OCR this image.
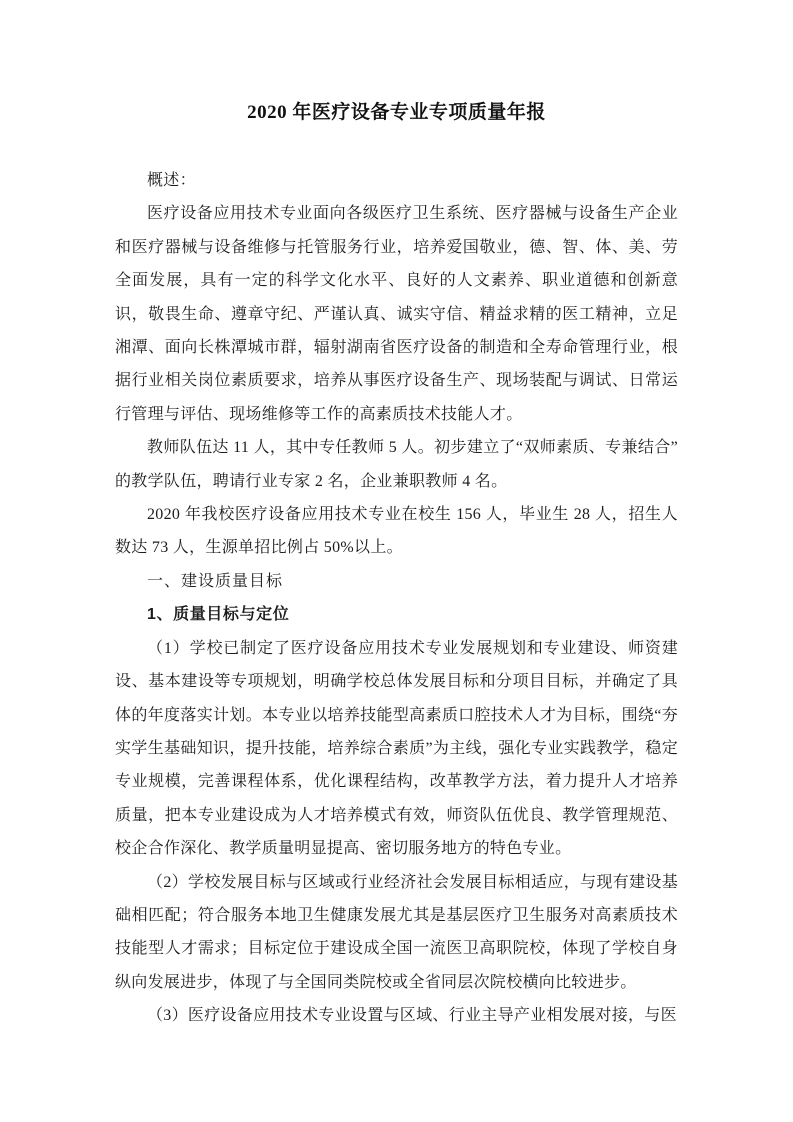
2020 年医疗设备专业专项质量年报

概述：

医疗设备应用技术专业面向各级医疗卫生系统、医疗器械与设备生产企业和医疗器械与设备维修与托管服务行业，培养爱国敬业，德、智、体、美、劳全面发展，具有一定的科学文化水平、良好的人文素养、职业道德和创新意识，敬畏生命、遵章守纪、严谨认真、诚实守信、精益求精的医工精神，立足湘潭、面向长株潭城市群，辐射湖南省医疗设备的制造和全寿命管理行业，根据行业相关岗位素质要求，培养从事医疗设备生产、现场装配与调试、日常运行管理与评估、现场维修等工作的高素质技术技能人才。

教师队伍达 11 人，其中专任教师 5 人。初步建立了“双师素质、专兼结合”的教学队伍，聘请行业专家 2 名，企业兼职教师 4 名。

2020 年我校医疗设备应用技术专业在校生 156 人，毕业生 28 人，招生人数达 73 人，生源单招比例占 50%以上。

一、建设质量目标

1、质量目标与定位

（1）学校已制定了医疗设备应用技术专业发展规划和专业建设、师资建设、基本建设等专项规划，明确学校总体发展目标和分项目目标，并确定了具体的年度落实计划。本专业以培养技能型高素质口腔技术人才为目标，围绕“夯实学生基础知识，提升技能，培养综合素质”为主线，强化专业实践教学，稳定专业规模，完善课程体系，优化课程结构，改革教学方法，着力提升人才培养质量，把本专业建设成为人才培养模式有效，师资队伍优良、教学管理规范、校企合作深化、教学质量明显提高、密切服务地方的特色专业。

（2）学校发展目标与区域或行业经济社会发展目标相适应，与现有建设基础相匹配；符合服务本地卫生健康发展尤其是基层医疗卫生服务对高素质技术技能型人才需求；目标定位于建设成全国一流医卫高职院校，体现了学校自身纵向发展进步，体现了与全国同类院校或全省同层次院校横向比较进步。

（3）医疗设备应用技术专业设置与区域、行业主导产业相发展对接，与医
